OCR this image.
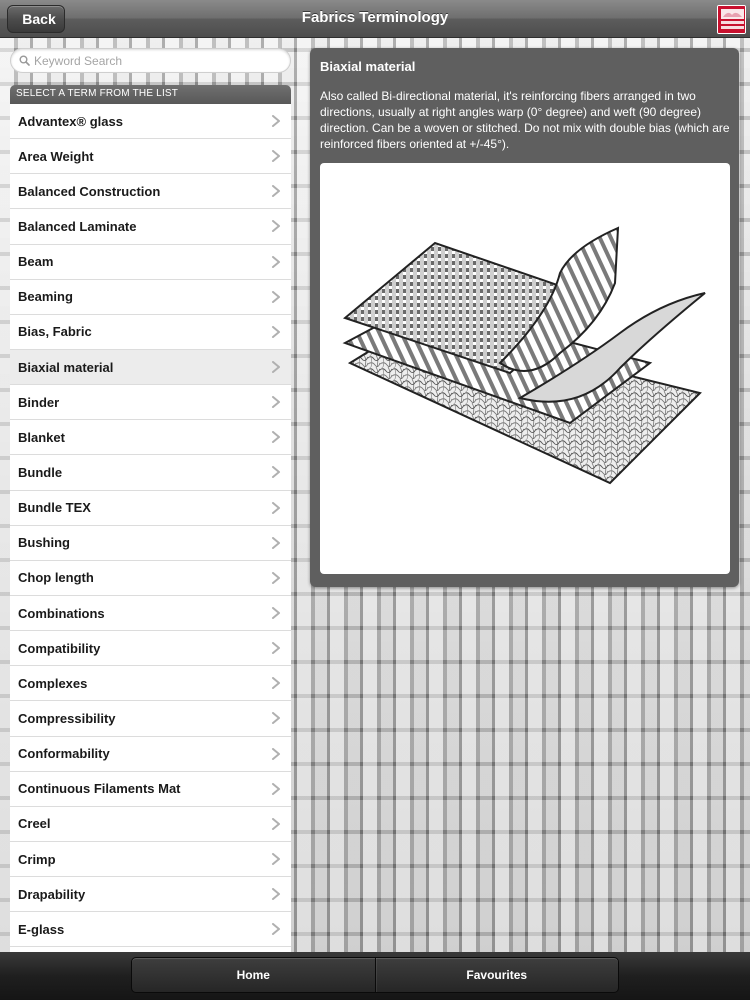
Back	Fabrics Terminology
Keyword Search
SELECT A TERM FROM THE LIST
Advantex® glass
Area Weight
Balanced Construction
Balanced Laminate
Beam
Beaming
Bias, Fabric
Biaxial material
Binder
Blanket
Bundle
Bundle TEX
Bushing
Chop length
Combinations
Compatibility
Complexes
Compressibility
Conformability
Continuous Filaments Mat
Creel
Crimp
Drapability
E-glass
Biaxial material
Also called Bi-directional material, it's reinforcing fibers arranged in two directions, usually at right angles warp (0° degree) and weft (90 degree) direction. Can be a woven or stitched. Do not mix with double bias (which are reinforced fibers oriented at +/-45°).
Home	Favourites
